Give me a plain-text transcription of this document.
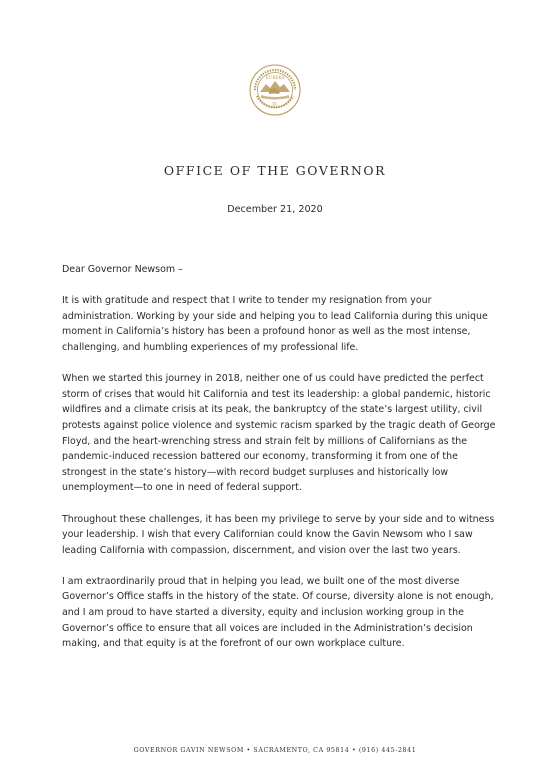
EUREKA
XL
OFFICE OF THE GOVERNOR
December 21, 2020

Dear Governor Newsom –

It is with gratitude and respect that I write to tender my resignation from your administration. Working by your side and helping you to lead California during this unique moment in California’s history has been a profound honor as well as the most intense, challenging, and humbling experiences of my professional life.

When we started this journey in 2018, neither one of us could have predicted the perfect storm of crises that would hit California and test its leadership: a global pandemic, historic wildfires and a climate crisis at its peak, the bankruptcy of the state’s largest utility, civil protests against police violence and systemic racism sparked by the tragic death of George Floyd, and the heart-wrenching stress and strain felt by millions of Californians as the pandemic-induced recession battered our economy, transforming it from one of the strongest in the state’s history—with record budget surpluses and historically low unemployment—to one in need of federal support.

Throughout these challenges, it has been my privilege to serve by your side and to witness your leadership. I wish that every Californian could know the Gavin Newsom who I saw leading California with compassion, discernment, and vision over the last two years.

I am extraordinarily proud that in helping you lead, we built one of the most diverse Governor’s Office staffs in the history of the state. Of course, diversity alone is not enough, and I am proud to have started a diversity, equity and inclusion working group in the Governor’s office to ensure that all voices are included in the Administration’s decision making, and that equity is at the forefront of our own workplace culture.

GOVERNOR GAVIN NEWSOM • SACRAMENTO, CA 95814 • (916) 445-2841
